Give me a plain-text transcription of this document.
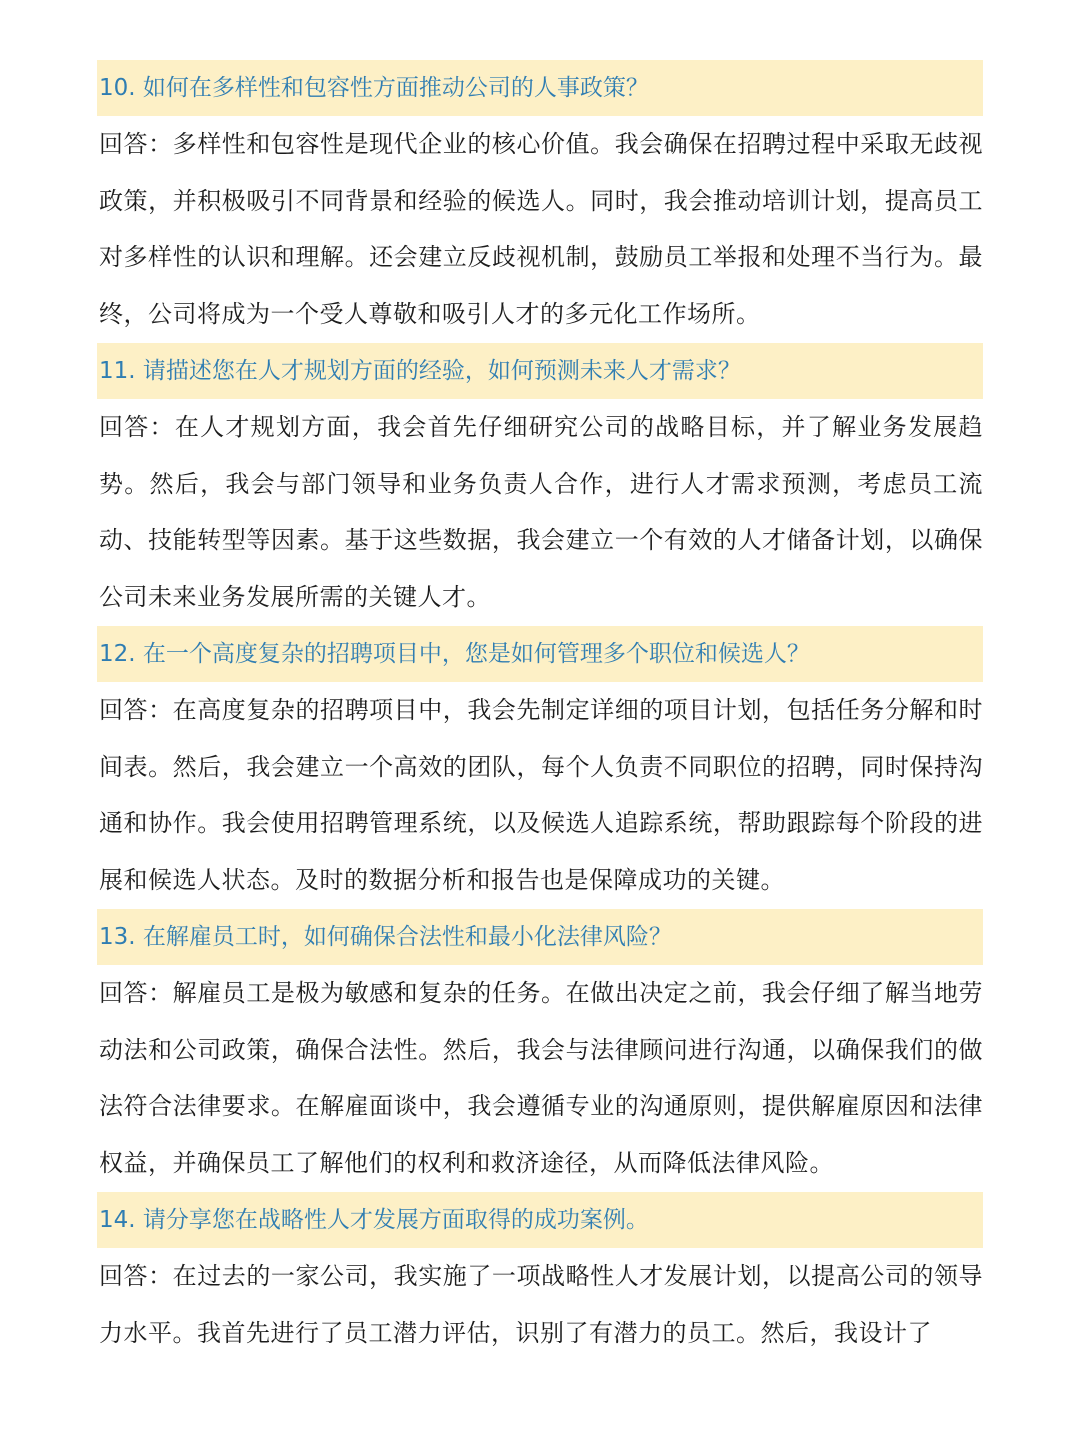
10. 如何在多样性和包容性方面推动公司的人事政策？

回答：多样性和包容性是现代企业的核心价值。我会确保在招聘过程中采取无歧视政策，并积极吸引不同背景和经验的候选人。同时，我会推动培训计划，提高员工对多样性的认识和理解。还会建立反歧视机制，鼓励员工举报和处理不当行为。最终，公司将成为一个受人尊敬和吸引人才的多元化工作场所。

11. 请描述您在人才规划方面的经验，如何预测未来人才需求？

回答：在人才规划方面，我会首先仔细研究公司的战略目标，并了解业务发展趋势。然后，我会与部门领导和业务负责人合作，进行人才需求预测，考虑员工流动、技能转型等因素。基于这些数据，我会建立一个有效的人才储备计划，以确保公司未来业务发展所需的关键人才。

12. 在一个高度复杂的招聘项目中，您是如何管理多个职位和候选人？

回答：在高度复杂的招聘项目中，我会先制定详细的项目计划，包括任务分解和时间表。然后，我会建立一个高效的团队，每个人负责不同职位的招聘，同时保持沟通和协作。我会使用招聘管理系统，以及候选人追踪系统，帮助跟踪每个阶段的进展和候选人状态。及时的数据分析和报告也是保障成功的关键。

13. 在解雇员工时，如何确保合法性和最小化法律风险？

回答：解雇员工是极为敏感和复杂的任务。在做出决定之前，我会仔细了解当地劳动法和公司政策，确保合法性。然后，我会与法律顾问进行沟通，以确保我们的做法符合法律要求。在解雇面谈中，我会遵循专业的沟通原则，提供解雇原因和法律权益，并确保员工了解他们的权利和救济途径，从而降低法律风险。

14. 请分享您在战略性人才发展方面取得的成功案例。

回答：在过去的一家公司，我实施了一项战略性人才发展计划，以提高公司的领导力水平。我首先进行了员工潜力评估，识别了有潜力的员工。然后，我设计了
